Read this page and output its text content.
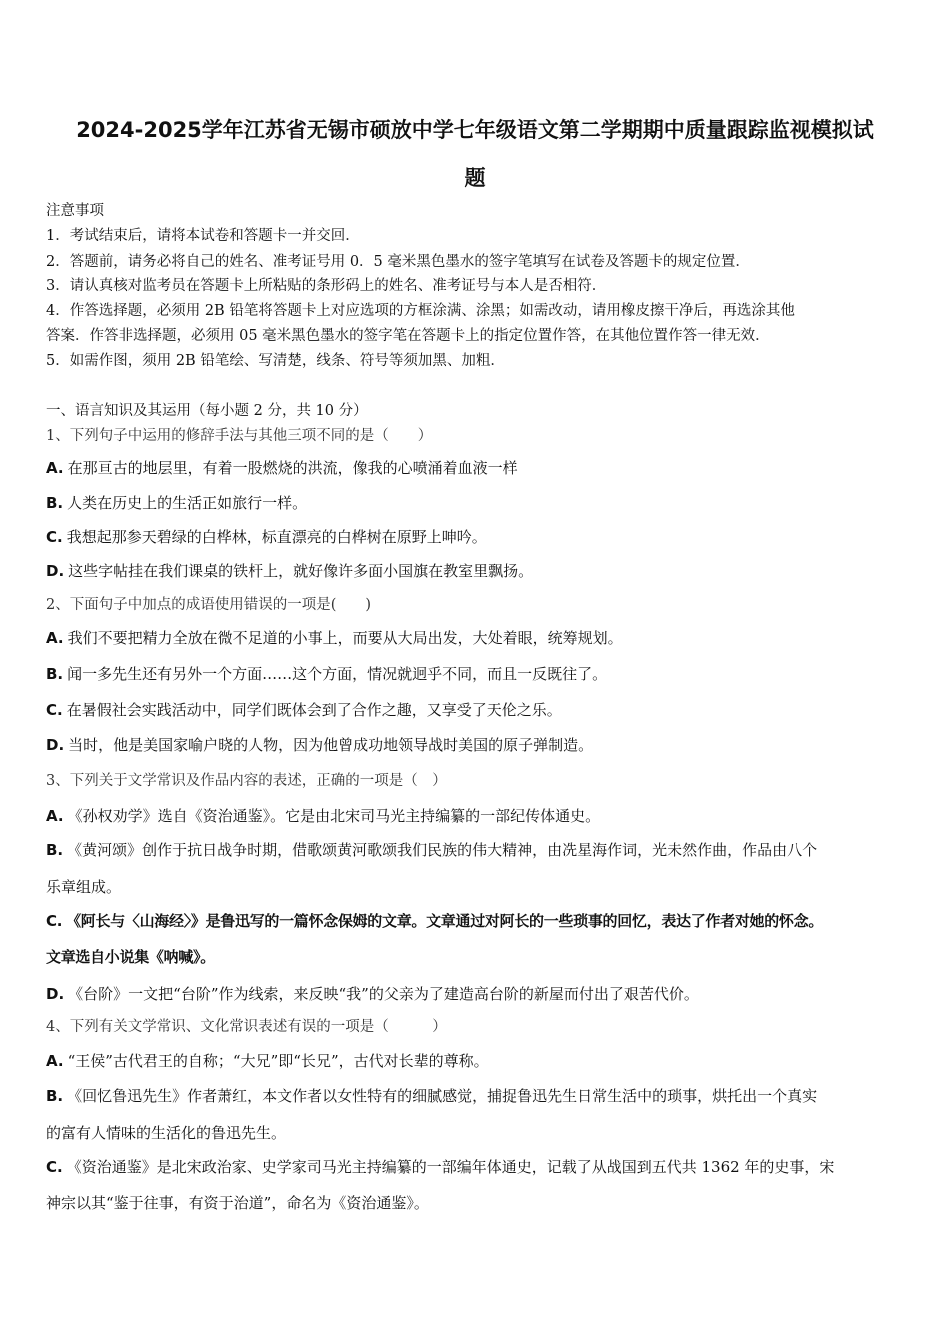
2024-2025学年江苏省无锡市硕放中学七年级语文第二学期期中质量跟踪监视模拟试
题
注意事项
1．考试结束后，请将本试卷和答题卡一并交回．
2．答题前，请务必将自己的姓名、准考证号用 0．5 毫米黑色墨水的签字笔填写在试卷及答题卡的规定位置．
3．请认真核对监考员在答题卡上所粘贴的条形码上的姓名、准考证号与本人是否相符．
4．作答选择题，必须用 2B 铅笔将答题卡上对应选项的方框涂满、涂黑；如需改动，请用橡皮擦干净后，再选涂其他
答案．作答非选择题，必须用 05 毫米黑色墨水的签字笔在答题卡上的指定位置作答，在其他位置作答一律无效．
5．如需作图，须用 2B 铅笔绘、写清楚，线条、符号等须加黑、加粗．
一、语言知识及其运用（每小题 2 分，共 10 分）
1、下列句子中运用的修辞手法与其他三项不同的是（　　）
A. 在那亘古的地层里，有着一股燃烧的洪流，像我的心喷涌着血液一样
B. 人类在历史上的生活正如旅行一样。
C. 我想起那参天碧绿的白桦林，标直漂亮的白桦树在原野上呻吟。
D. 这些字帖挂在我们课桌的铁杆上，就好像许多面小国旗在教室里飘扬。
2、下面句子中加点的成语使用错误的一项是(　　)
A. 我们不要把精力全放在微不足道的小事上，而要从大局出发，大处着眼，统筹规划。
B. 闻一多先生还有另外一个方面……这个方面，情况就迥乎不同，而且一反既往了。
C. 在暑假社会实践活动中，同学们既体会到了合作之趣，又享受了天伦之乐。
D. 当时，他是美国家喻户晓的人物，因为他曾成功地领导战时美国的原子弹制造。
3、下列关于文学常识及作品内容的表述，正确的一项是（　）
A. 《孙权劝学》选自《资治通鉴》。它是由北宋司马光主持编纂的一部纪传体通史。
B. 《黄河颂》创作于抗日战争时期，借歌颂黄河歌颂我们民族的伟大精神，由冼星海作词，光未然作曲，作品由八个
乐章组成。
C. 《阿长与〈山海经〉》是鲁迅写的一篇怀念保姆的文章。文章通过对阿长的一些琐事的回忆，表达了作者对她的怀念。
文章选自小说集《呐喊》。
D. 《台阶》一文把“台阶”作为线索，来反映“我”的父亲为了建造高台阶的新屋而付出了艰苦代价。
4、下列有关文学常识、文化常识表述有误的一项是（　　　）
A. “王侯”古代君王的自称；“大兄”即“长兄”，古代对长辈的尊称。
B. 《回忆鲁迅先生》作者萧红，本文作者以女性特有的细腻感觉，捕捉鲁迅先生日常生活中的琐事，烘托出一个真实
的富有人情味的生活化的鲁迅先生。
C. 《资治通鉴》是北宋政治家、史学家司马光主持编纂的一部编年体通史，记载了从战国到五代共 1362 年的史事，宋
神宗以其“鉴于往事，有资于治道”，命名为《资治通鉴》。
